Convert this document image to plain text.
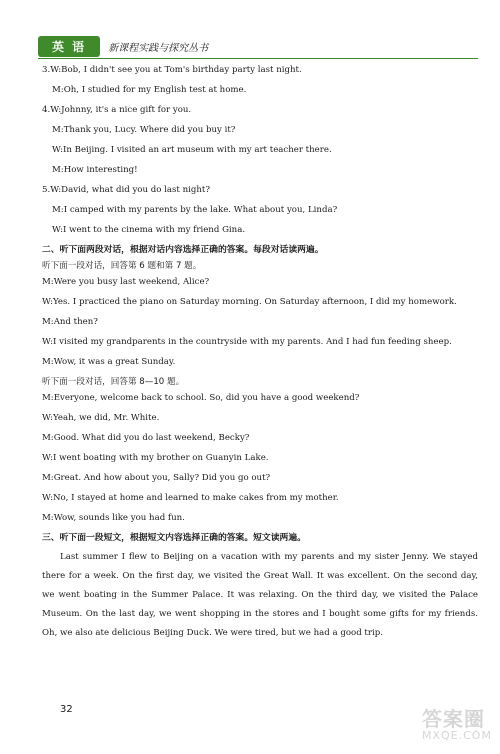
英 语	新课程实践与探究丛书
3.W:Bob, I didn't see you at Tom's birthday party last night.
M:Oh, I studied for my English test at home.
4.W:Johnny, it's a nice gift for you.
M:Thank you, Lucy. Where did you buy it?
W:In Beijing. I visited an art museum with my art teacher there.
M:How interesting!
5.W:David, what did you do last night?
M:I camped with my parents by the lake. What about you, Linda?
W:I went to the cinema with my friend Gina.
二、听下面两段对话，根据对话内容选择正确的答案。每段对话读两遍。
听下面一段对话，回答第 6 题和第 7 题。
M:Were you busy last weekend, Alice?
W:Yes. I practiced the piano on Saturday morning. On Saturday afternoon, I did my homework.
M:And then?
W:I visited my grandparents in the countryside with my parents. And I had fun feeding sheep.
M:Wow, it was a great Sunday.
听下面一段对话，回答第 8—10 题。
M:Everyone, welcome back to school. So, did you have a good weekend?
W:Yeah, we did, Mr. White.
M:Good. What did you do last weekend, Becky?
W:I went boating with my brother on Guanyin Lake.
M:Great. And how about you, Sally? Did you go out?
W:No, I stayed at home and learned to make cakes from my mother.
M:Wow, sounds like you had fun.
三、听下面一段短文，根据短文内容选择正确的答案。短文读两遍。
Last summer I flew to Beijing on a vacation with my parents and my sister Jenny. We stayed there for a week. On the first day, we visited the Great Wall. It was excellent. On the second day, we went boating in the Summer Palace. It was relaxing. On the third day, we visited the Palace Museum. On the last day, we went shopping in the stores and I bought some gifts for my friends. Oh, we also ate delicious Beijing Duck. We were tired, but we had a good trip.
32	答案圈
MXQE.COM
